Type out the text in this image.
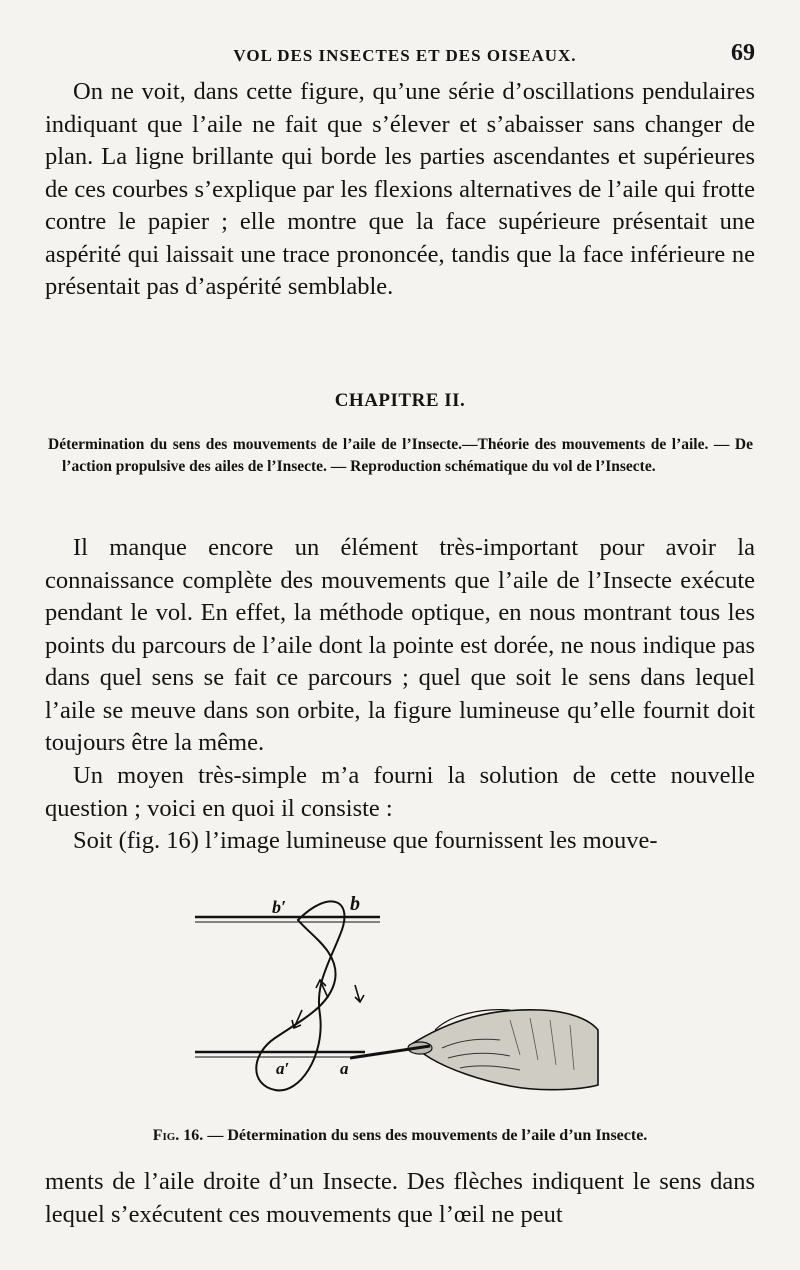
VOL DES INSECTES ET DES OISEAUX.	69

On ne voit, dans cette figure, qu’une série d’oscillations pendulaires indiquant que l’aile ne fait que s’élever et s’abaisser sans changer de plan. La ligne brillante qui borde les parties ascendantes et supérieures de ces courbes s’explique par les flexions alternatives de l’aile qui frotte contre le papier ; elle montre que la face supérieure présentait une aspérité qui laissait une trace prononcée, tandis que la face inférieure ne présentait pas d’aspérité semblable.

CHAPITRE II.
Détermination du sens des mouvements de l’aile de l’Insecte.—Théorie des mouvements de l’aile. — De l’action propulsive des ailes de l’Insecte. — Reproduction schématique du vol de l’Insecte.

Il manque encore un élément très-important pour avoir la connaissance complète des mouvements que l’aile de l’Insecte exécute pendant le vol. En effet, la méthode optique, en nous montrant tous les points du parcours de l’aile dont la pointe est dorée, ne nous indique pas dans quel sens se fait ce parcours ; quel que soit le sens dans lequel l’aile se meuve dans son orbite, la figure lumineuse qu’elle fournit doit toujours être la même.

Un moyen très-simple m’a fourni la solution de cette nouvelle question ; voici en quoi il consiste :

Soit (fig. 16) l’image lumineuse que fournissent les mouve-

b′	b
a′	a
Fig. 16. — Détermination du sens des mouvements de l’aile d’un Insecte.

ments de l’aile droite d’un Insecte. Des flèches indiquent le sens dans lequel s’exécutent ces mouvements que l’œil ne peut
